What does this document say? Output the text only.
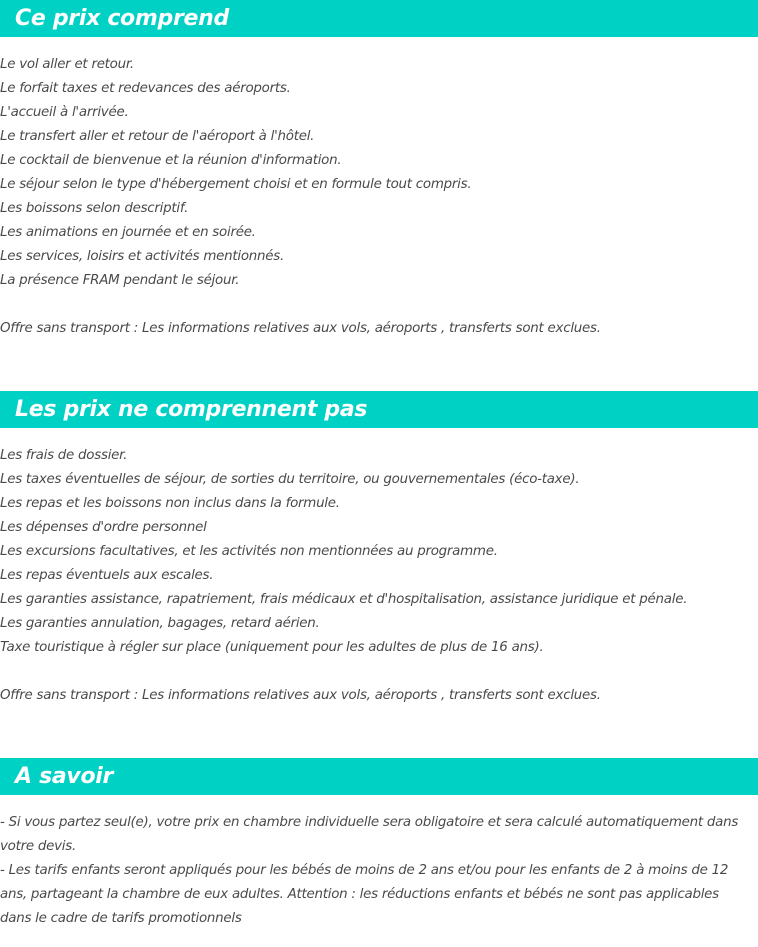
Ce prix comprend
Le vol aller et retour.
Le forfait taxes et redevances des aéroports.
L'accueil à l'arrivée.
Le transfert aller et retour de l'aéroport à l'hôtel.
Le cocktail de bienvenue et la réunion d'information.
Le séjour selon le type d'hébergement choisi et en formule tout compris.
Les boissons selon descriptif.
Les animations en journée et en soirée.
Les services, loisirs et activités mentionnés.
La présence FRAM pendant le séjour.
Offre sans transport : Les informations relatives aux vols, aéroports , transferts sont exclues.
Les prix ne comprennent pas
Les frais de dossier.
Les taxes éventuelles de séjour, de sorties du territoire, ou gouvernementales (éco-taxe).
Les repas et les boissons non inclus dans la formule.
Les dépenses d'ordre personnel
Les excursions facultatives, et les activités non mentionnées au programme.
Les repas éventuels aux escales.
Les garanties assistance, rapatriement, frais médicaux et d'hospitalisation, assistance juridique et pénale.
Les garanties annulation, bagages, retard aérien.
Taxe touristique à régler sur place (uniquement pour les adultes de plus de 16 ans).
Offre sans transport : Les informations relatives aux vols, aéroports , transferts sont exclues.
A savoir

- Si vous partez seul(e), votre prix en chambre individuelle sera obligatoire et sera calculé automatiquement dans votre devis.

- Les tarifs enfants seront appliqués pour les bébés de moins de 2 ans et/ou pour les enfants de 2 à moins de 12 ans, partageant la chambre de eux adultes. Attention : les réductions enfants et bébés ne sont pas applicables dans le cadre de tarifs promotionnels
